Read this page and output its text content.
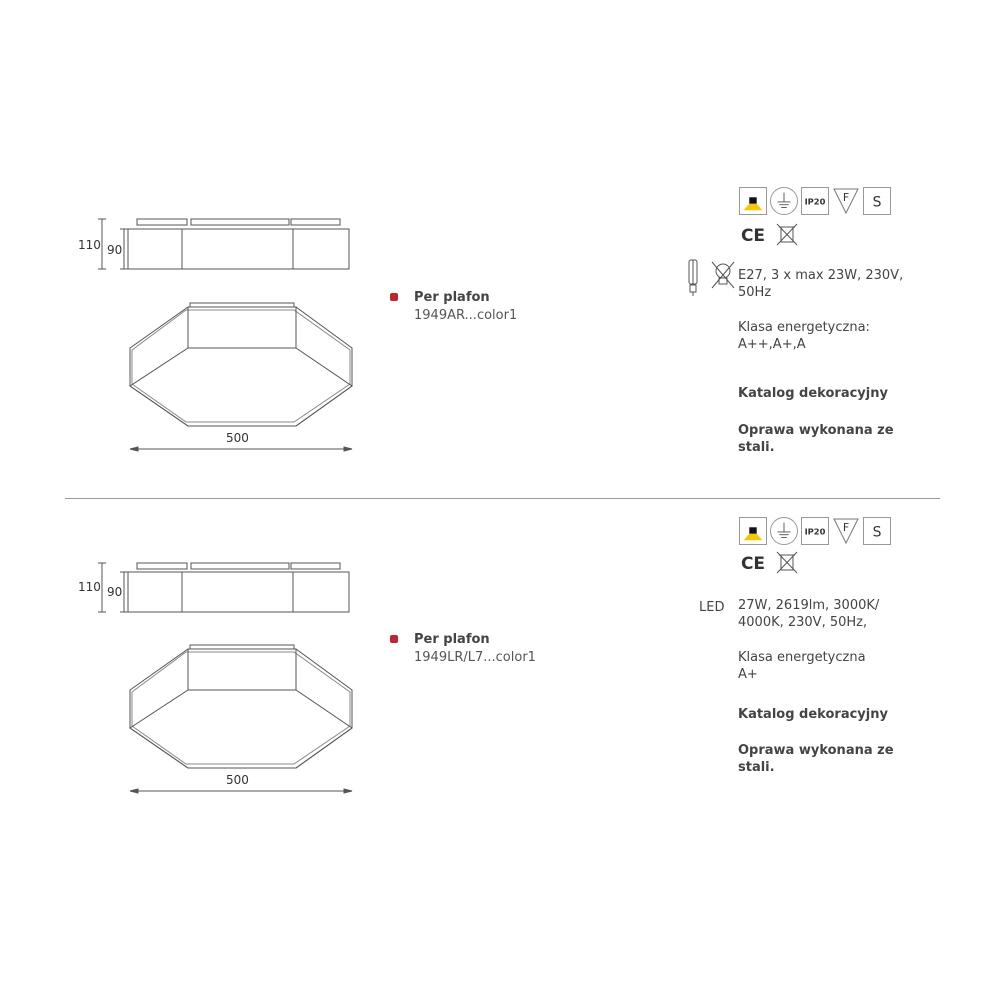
110 90
500
Per plafon
1949AR...color1
IP20 F S
CE
E27, 3 x max 23W, 230V,
50Hz
Klasa energetyczna:
A++,A+,A
Katalog dekoracyjny
Oprawa wykonana ze
stali.
110 90
500
Per plafon
1949LR/L7...color1
IP20 F S
CE
LED 27W, 2619lm, 3000K/
4000K, 230V, 50Hz,
Klasa energetyczna
A+
Katalog dekoracyjny
Oprawa wykonana ze
stali.
